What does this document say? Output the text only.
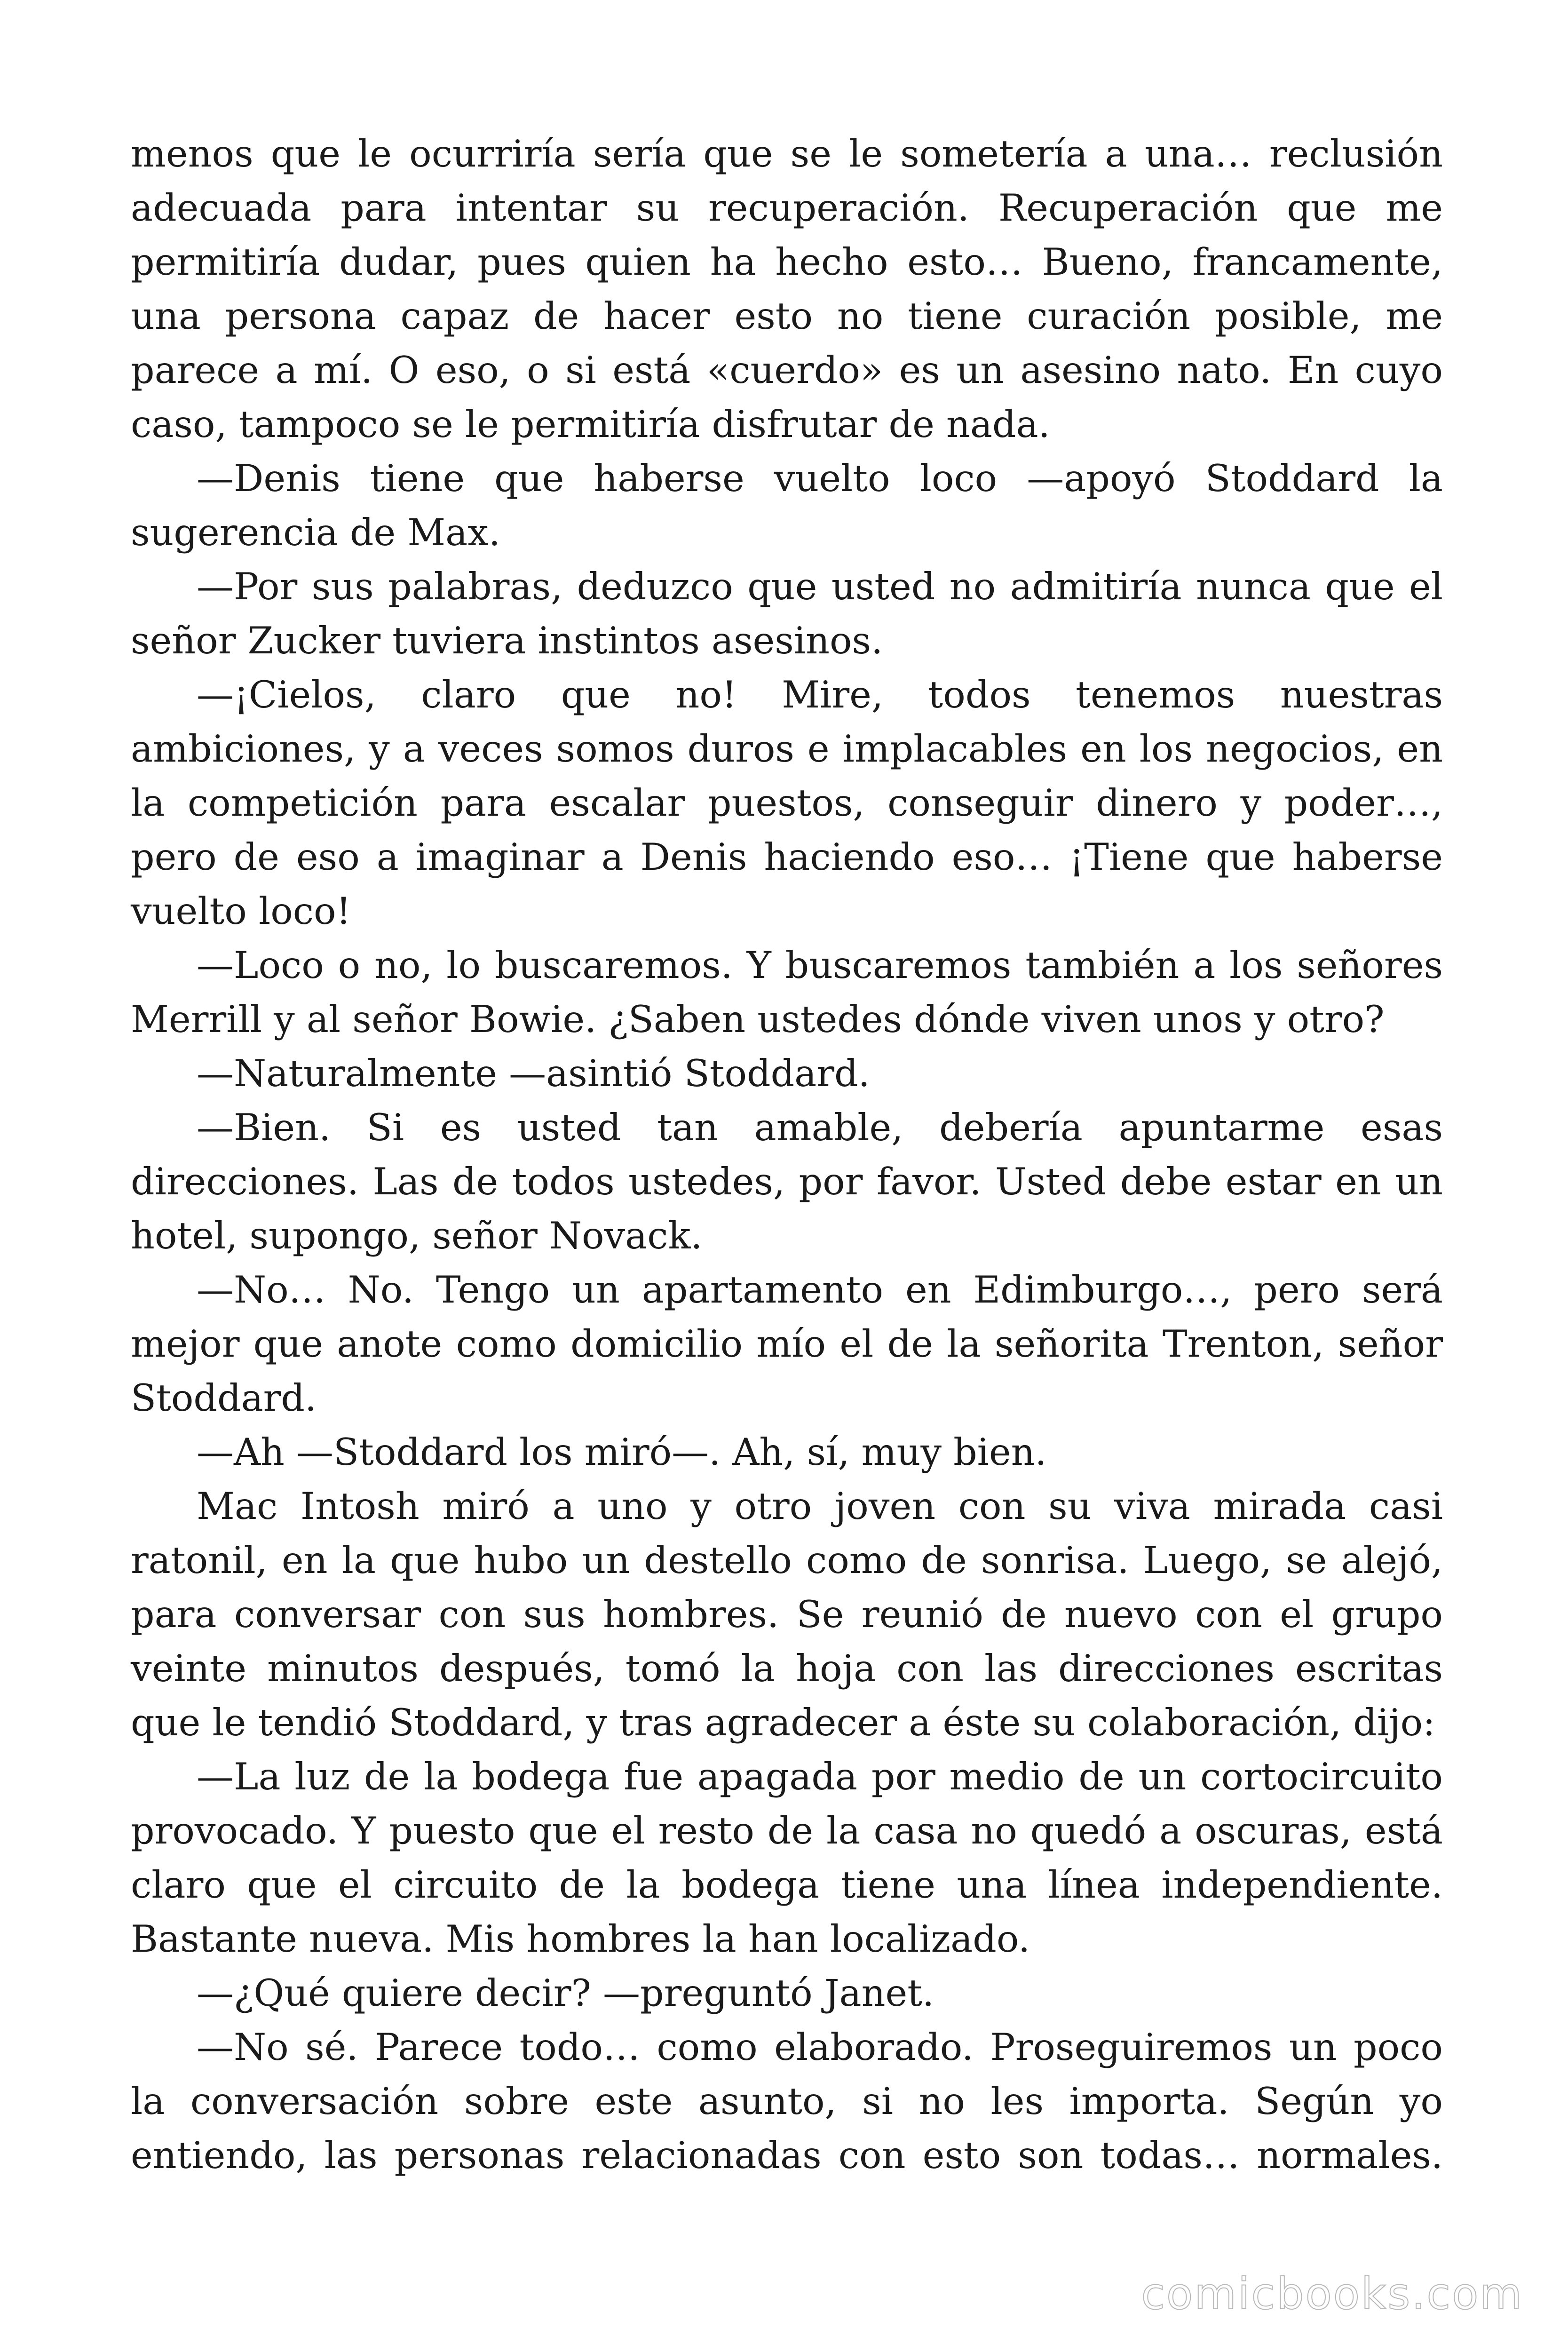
menos que le ocurriría sería que se le sometería a una… reclusión adecuada para intentar su recuperación. Recuperación que me permitiría dudar, pues quien ha hecho esto… Bueno, francamente, una persona capaz de hacer esto no tiene curación posible, me parece a mí. O eso, o si está «cuerdo» es un asesino nato. En cuyo caso, tampoco se le permitiría disfrutar de nada.

—Denis tiene que haberse vuelto loco —apoyó Stoddard la sugerencia de Max.

—Por sus palabras, deduzco que usted no admitiría nunca que el señor Zucker tuviera instintos asesinos.

—¡Cielos, claro que no! Mire, todos tenemos nuestras ambiciones, y a veces somos duros e implacables en los negocios, en la competición para escalar puestos, conseguir dinero y poder…, pero de eso a imaginar a Denis haciendo eso… ¡Tiene que haberse vuelto loco!

—Loco o no, lo buscaremos. Y buscaremos también a los señores Merrill y al señor Bowie. ¿Saben ustedes dónde viven unos y otro?

—Naturalmente —asintió Stoddard.

—Bien. Si es usted tan amable, debería apuntarme esas direcciones. Las de todos ustedes, por favor. Usted debe estar en un hotel, supongo, señor Novack.

—No… No. Tengo un apartamento en Edimburgo…, pero será mejor que anote como domicilio mío el de la señorita Trenton, señor Stoddard.

—Ah —Stoddard los miró—. Ah, sí, muy bien.

Mac Intosh miró a uno y otro joven con su viva mirada casi ratonil, en la que hubo un destello como de sonrisa. Luego, se alejó, para conversar con sus hombres. Se reunió de nuevo con el grupo veinte minutos después, tomó la hoja con las direcciones escritas que le tendió Stoddard, y tras agradecer a éste su colaboración, dijo:

—La luz de la bodega fue apagada por medio de un cortocircuito provocado. Y puesto que el resto de la casa no quedó a oscuras, está claro que el circuito de la bodega tiene una línea independiente. Bastante nueva. Mis hombres la han localizado.

—¿Qué quiere decir? —preguntó Janet.

—No sé. Parece todo… como elaborado. Proseguiremos un poco la conversación sobre este asunto, si no les importa. Según yo entiendo, las personas relacionadas con esto son todas… normales.

comicbooks.com
